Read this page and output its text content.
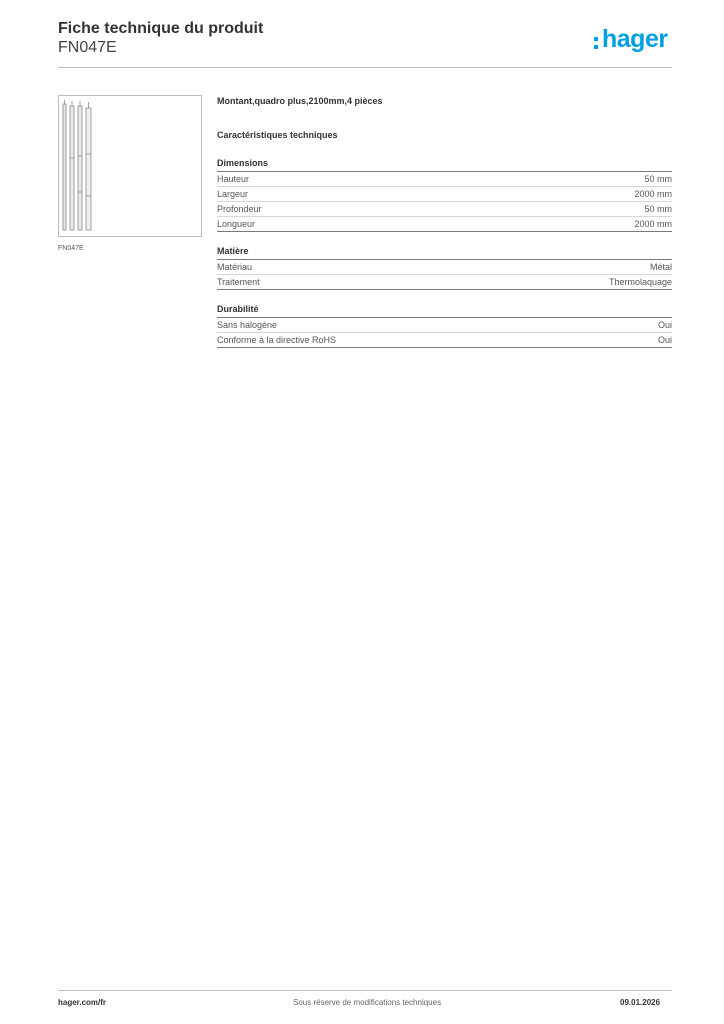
Fiche technique du produit
FN047E	hager
FN047E
Montant,quadro plus,2100mm,4 pièces
Caractéristiques techniques
Dimensions
Hauteur	50 mm
Largeur	2000 mm
Profondeur	50 mm
Longueur	2000 mm
Matière
Matériau	Métal
Traitement	Thermolaquage
Durabilité
Sans halogène	Oui
Conforme à la directive RoHS	Oui
hager.com/fr	Sous réserve de modifications techniques	09.01.2026
